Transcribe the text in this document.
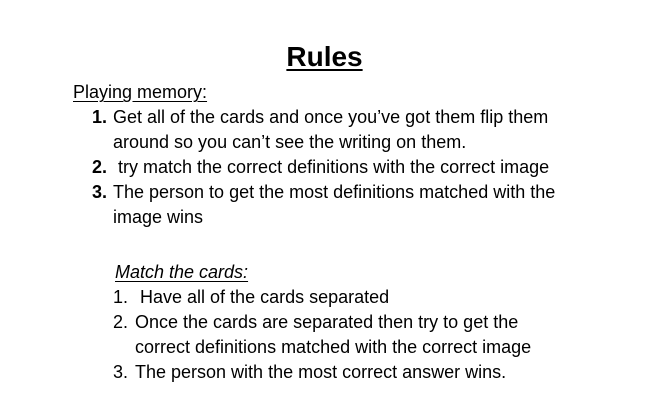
Rules
Playing memory:
1. Get all of the cards and once you’ve got them flip them
around so you can’t see the writing on them.
2. try match the correct definitions with the correct image
3. The person to get the most definitions matched with the
image wins
Match the cards:
1. Have all of the cards separated
2. Once the cards are separated then try to get the
correct definitions matched with the correct image
3. The person with the most correct answer wins.
